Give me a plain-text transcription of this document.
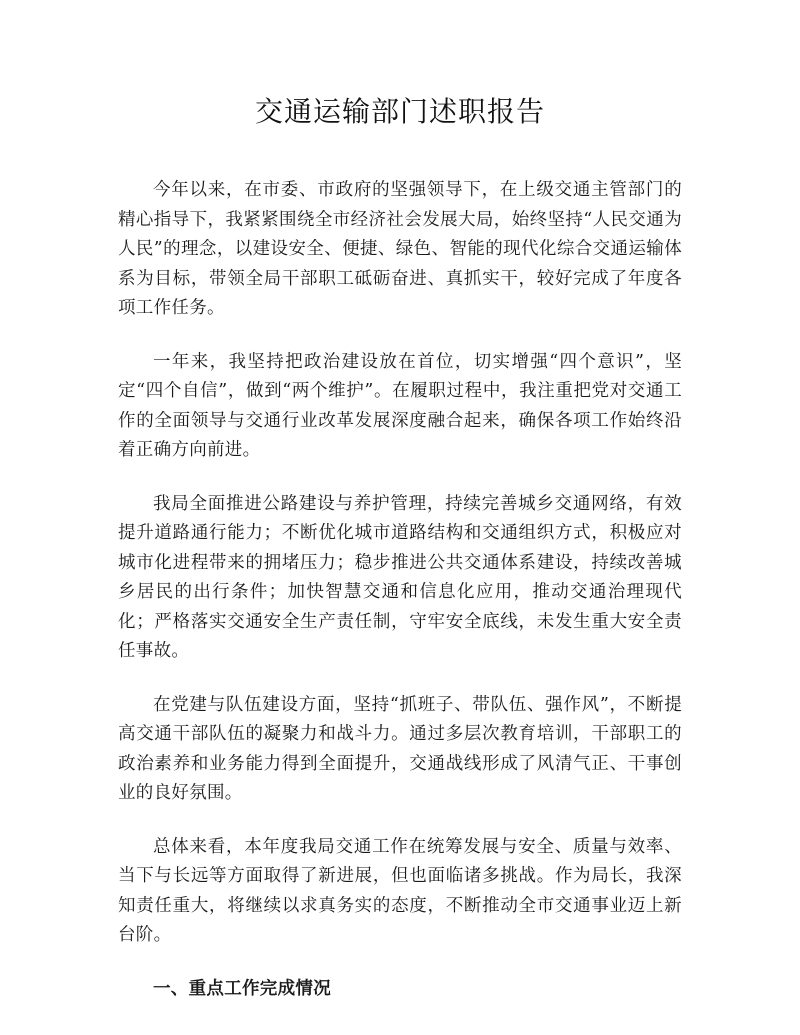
交通运输部门述职报告

今年以来，在市委、市政府的坚强领导下，在上级交通主管部门的精心指导下，我紧紧围绕全市经济社会发展大局，始终坚持“人民交通为人民”的理念，以建设安全、便捷、绿色、智能的现代化综合交通运输体系为目标，带领全局干部职工砥砺奋进、真抓实干，较好完成了年度各项工作任务。

一年来，我坚持把政治建设放在首位，切实增强“四个意识”，坚定“四个自信”，做到“两个维护”。在履职过程中，我注重把党对交通工作的全面领导与交通行业改革发展深度融合起来，确保各项工作始终沿着正确方向前进。

我局全面推进公路建设与养护管理，持续完善城乡交通网络，有效提升道路通行能力；不断优化城市道路结构和交通组织方式，积极应对城市化进程带来的拥堵压力；稳步推进公共交通体系建设，持续改善城乡居民的出行条件；加快智慧交通和信息化应用，推动交通治理现代化；严格落实交通安全生产责任制，守牢安全底线，未发生重大安全责任事故。

在党建与队伍建设方面，坚持“抓班子、带队伍、强作风”，不断提高交通干部队伍的凝聚力和战斗力。通过多层次教育培训，干部职工的政治素养和业务能力得到全面提升，交通战线形成了风清气正、干事创业的良好氛围。

总体来看，本年度我局交通工作在统筹发展与安全、质量与效率、当下与长远等方面取得了新进展，但也面临诸多挑战。作为局长，我深知责任重大，将继续以求真务实的态度，不断推动全市交通事业迈上新台阶。

一、重点工作完成情况
